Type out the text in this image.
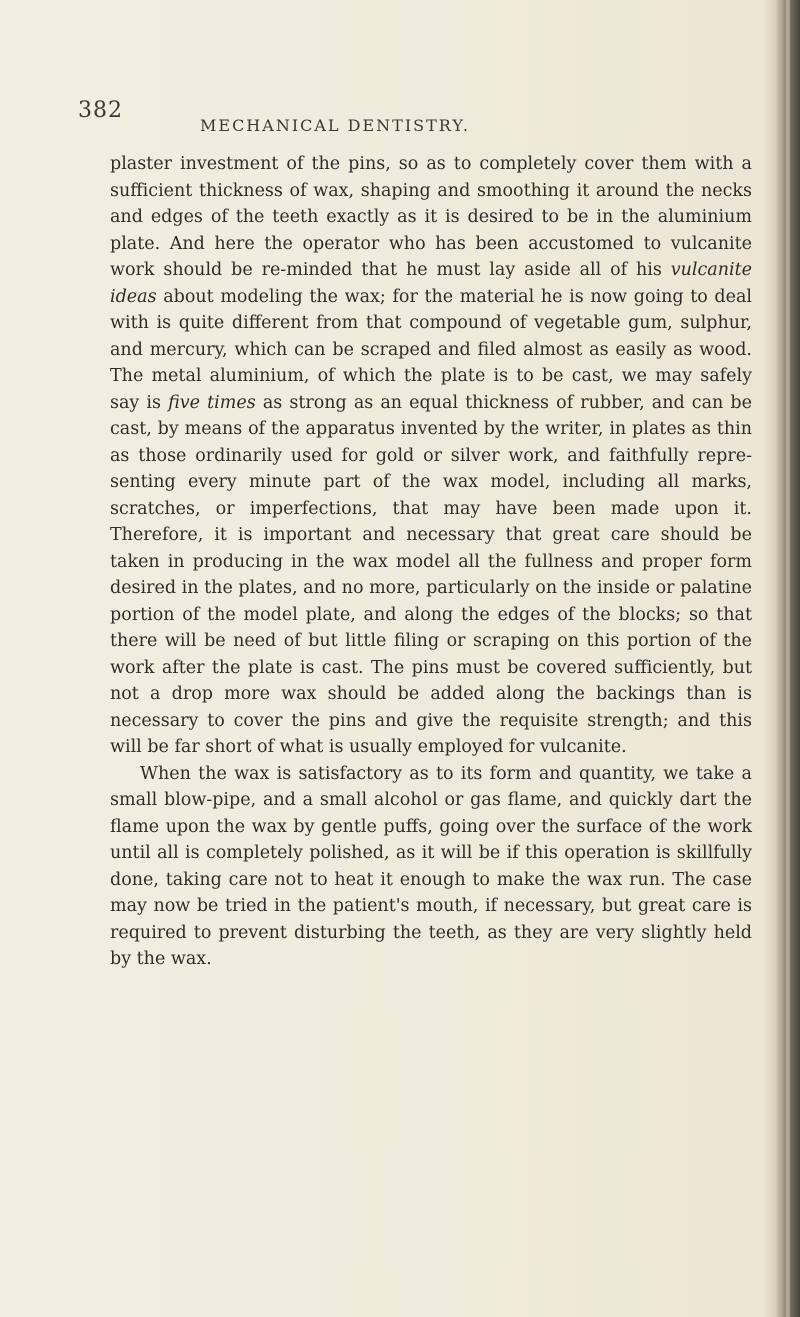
382
MECHANICAL DENTISTRY.

plaster investment of the pins, so as to completely cover them with a sufficient thickness of wax, shaping and smoothing it around the necks and edges of the teeth exactly as it is desired to be in the aluminium plate. And here the operator who has been accustomed to vulcanite work should be re-minded that he must lay aside all of his vulcanite ideas about modeling the wax; for the material he is now going to deal with is quite different from that compound of vegetable gum, sulphur, and mercury, which can be scraped and filed almost as easily as wood. The metal aluminium, of which the plate is to be cast, we may safely say is five times as strong as an equal thickness of rubber, and can be cast, by means of the apparatus invented by the writer, in plates as thin as those ordinarily used for gold or silver work, and faithfully repre-senting every minute part of the wax model, including all marks, scratches, or imperfections, that may have been made upon it. Therefore, it is important and necessary that great care should be taken in producing in the wax model all the fullness and proper form desired in the plates, and no more, particularly on the inside or palatine portion of the model plate, and along the edges of the blocks; so that there will be need of but little filing or scraping on this portion of the work after the plate is cast. The pins must be covered sufficiently, but not a drop more wax should be added along the backings than is necessary to cover the pins and give the requisite strength; and this will be far short of what is usually employed for vulcanite.

When the wax is satisfactory as to its form and quantity, we take a small blow-pipe, and a small alcohol or gas flame, and quickly dart the flame upon the wax by gentle puffs, going over the surface of the work until all is completely polished, as it will be if this operation is skillfully done, taking care not to heat it enough to make the wax run. The case may now be tried in the patient's mouth, if necessary, but great care is required to prevent disturbing the teeth, as they are very slightly held by the wax.
